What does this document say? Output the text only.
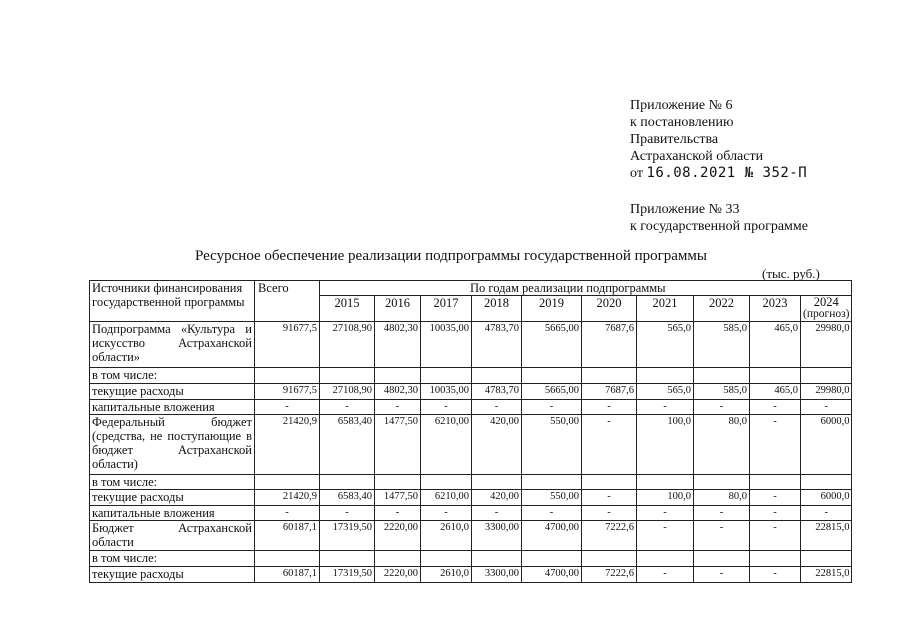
Приложение № 6
к постановлению
Правительства
Астраханской области
от 16.08.2021 № 352-П
Приложение № 33
к государственной программе
Ресурсное обеспечение реализации подпрограммы государственной программы
(тыс. руб.)
Источники финансирования государственной программы	Всего	По годам реализации подпрограммы									
		2015	2016	2017	2018	2019	2020	2021	2022	2023	2024
(прогноз)

Подпрограмма «Культура и искусство Астраханской области»	91677,5	27108,90	4802,30	10035,00	4783,70	5665,00	7687,6	565,0	585,0	465,0	29980,0

в том числе:											

текущие расходы	91677,5	27108,90	4802,30	10035,00	4783,70	5665,00	7687,6	565,0	585,0	465,0	29980,0

капитальные вложения	-	-	-	-	-	-	-	-	-	-	-

Федеральный бюджет (средства, не поступающие в бюджет Астраханской области)	21420,9	6583,40	1477,50	6210,00	420,00	550,00	-	100,0	80,0	-	6000,0

в том числе:											

текущие расходы	21420,9	6583,40	1477,50	6210,00	420,00	550,00	-	100,0	80,0	-	6000,0

капитальные вложения	-	-	-	-	-	-	-	-	-	-	-

Бюджет Астраханской области	60187,1	17319,50	2220,00	2610,0	3300,00	4700,00	7222,6	-	-	-	22815,0

в том числе:											

текущие расходы	60187,1	17319,50	2220,00	2610,0	3300,00	4700,00	7222,6	-	-	-	22815,0
